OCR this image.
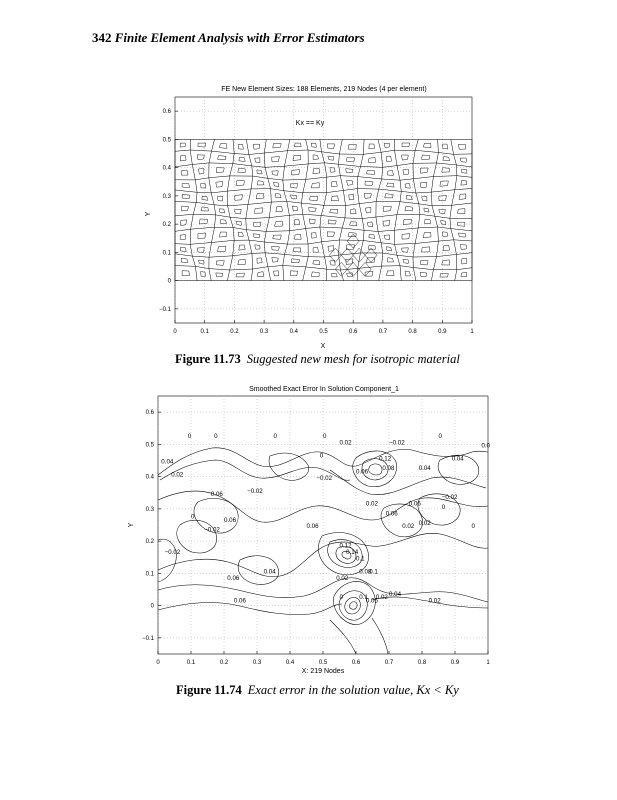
342 Finite Element Analysis with Error Estimators
FE New Element Sizes: 188 Elements, 219 Nodes (4 per element)
Kx == Ky
0	0.1	0.2	0.3	0.4	0.5	0.6	0.7	0.8	0.9	1
−0.1
0
0.1
0.2
0.3
0.4
0.5
0.6
X
Y
Smoothed Exact Error In Solution Component_1
0	0	0	0
0.02	−0.02
0
0.0
0.04
0.02
0	0.12
0.06 0.08	0.04
0.04
−0.02
0.06	−0.02
0.02	0.06
−0.02
0
0	0.06
−0.02
0.06
0.02
0.02	0
0.06
0.12
0.14
0.1
−0.02
0.04	0.08
0.1
0.06	0.02
0	0.1
0.06
0.02 0.04
0.06	0.02
0	0.1	0.2	0.3	0.4	0.5	0.6	0.7	0.8	0.9	1
−0.1
0
0.1
0.2
0.3
0.4
0.5
0.6
X: 219 Nodes
Y
Figure 11.73 Suggested new mesh for isotropic material
Figure 11.74 Exact error in the solution value, Kx < Ky
